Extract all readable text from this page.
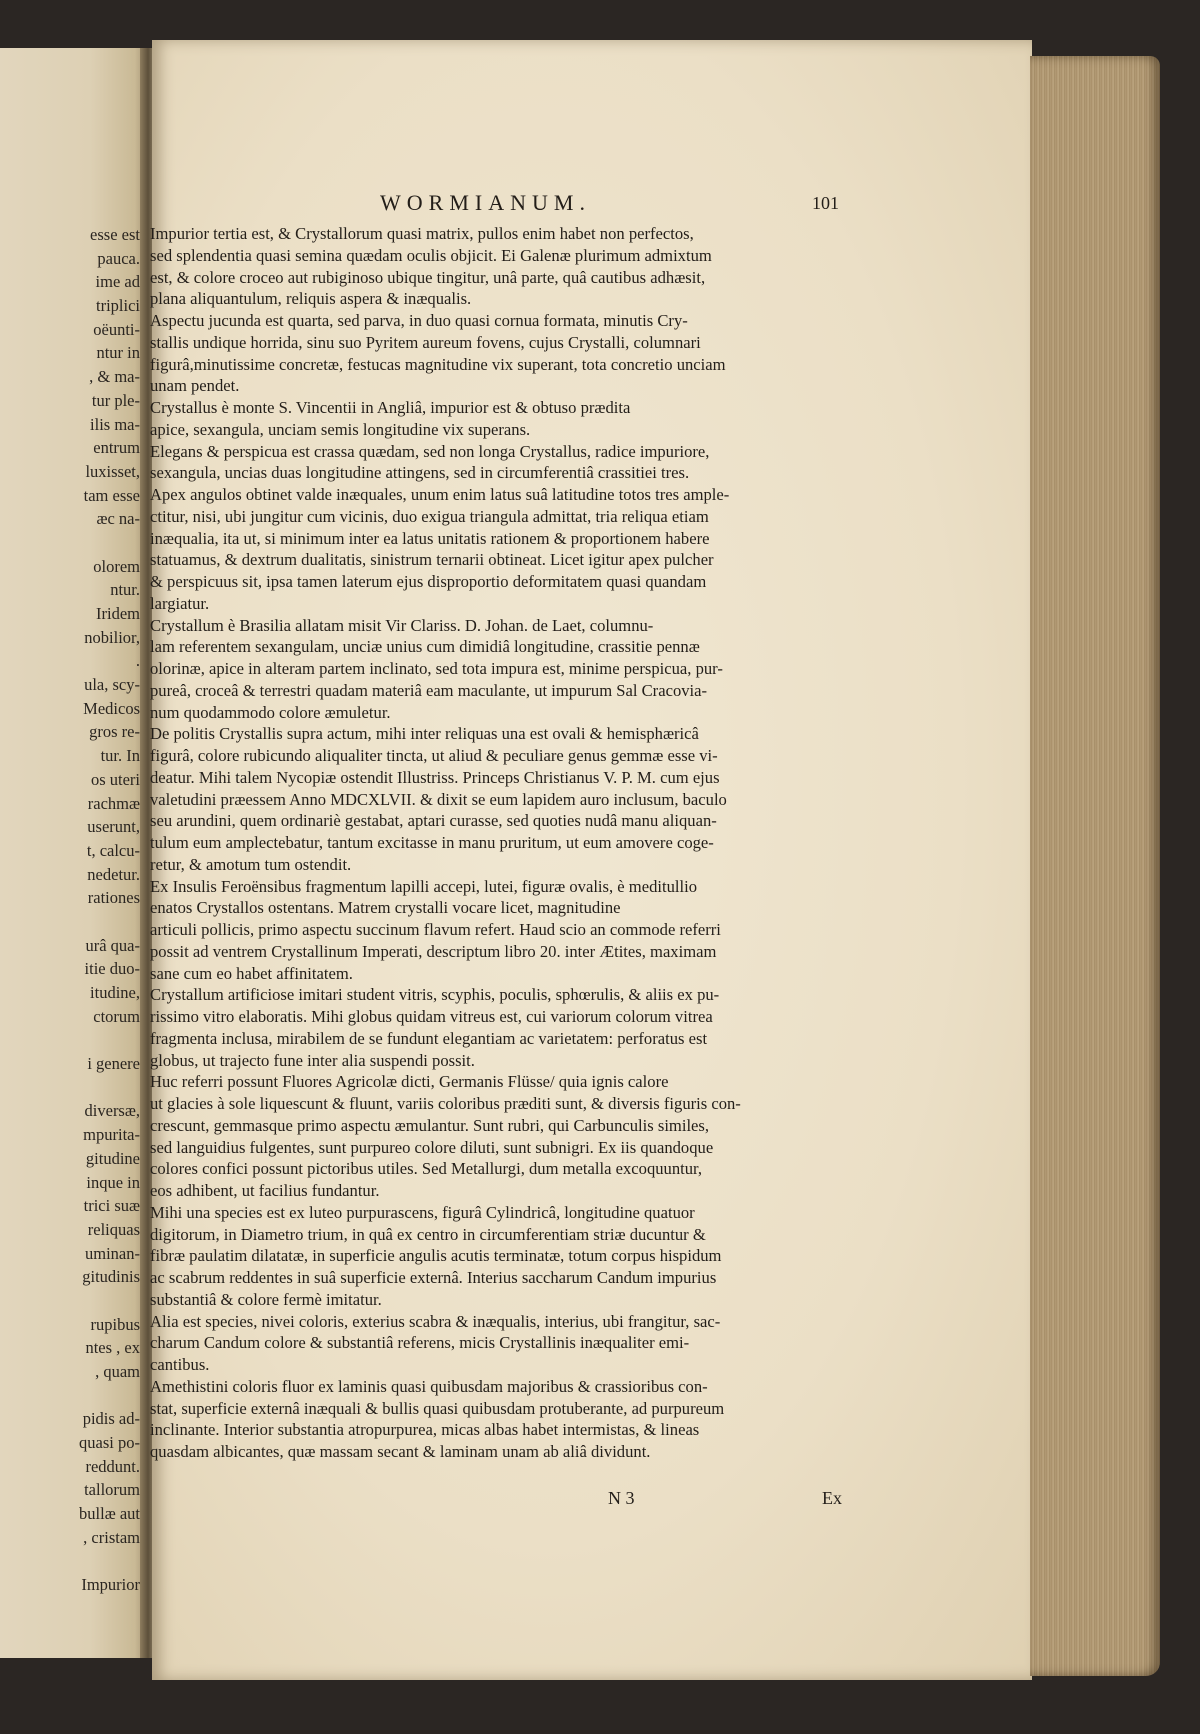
esse est
pauca.
ime ad
triplici
oëunti-
ntur in
, & ma-
tur ple-
ilis ma-
entrum
luxisset,
tam esse
æc na-
olorem
ntur.
Iridem
nobilior,
.
ula, scy-
Medicos
gros re-
tur. In
os uteri
rachmæ
userunt,
t, calcu-
nedetur.
rationes
urâ qua-
itie duo-
itudine,
ctorum
i genere
diversæ,
mpurita-
gitudine
inque in
trici suæ
reliquas
uminan-
gitudinis
rupibus
ntes , ex
, quam
pidis ad-
quasi po-
reddunt.
tallorum
bullæ aut
, cristam
Impurior
WORMIANUM.	101
Impurior tertia est, & Crystallorum quasi matrix, pullos enim habet non perfectos,
sed splendentia quasi semina quædam oculis objicit. Ei Galenæ plurimum admixtum
est, & colore croceo aut rubiginoso ubique tingitur, unâ parte, quâ cautibus adhæsit,
plana aliquantulum, reliquis aspera & inæqualis.
Aspectu jucunda est quarta, sed parva, in duo quasi cornua formata, minutis Cry-
stallis undique horrida, sinu suo Pyritem aureum fovens, cujus Crystalli, columnari
figurâ,minutissime concretæ, festucas magnitudine vix superant, tota concretio unciam
unam pendet.
Crystallus è monte S. Vincentii in Angliâ, impurior est & obtuso prædita
apice, sexangula, unciam semis longitudine vix superans.
Elegans & perspicua est crassa quædam, sed non longa Crystallus, radice impuriore,
sexangula, uncias duas longitudine attingens, sed in circumferentiâ crassitiei tres.
Apex angulos obtinet valde inæquales, unum enim latus suâ latitudine totos tres ample-
ctitur, nisi, ubi jungitur cum vicinis, duo exigua triangula admittat, tria reliqua etiam
inæqualia, ita ut, si minimum inter ea latus unitatis rationem & proportionem habere
statuamus, & dextrum dualitatis, sinistrum ternarii obtineat. Licet igitur apex pulcher
& perspicuus sit, ipsa tamen laterum ejus disproportio deformitatem quasi quandam
largiatur.
Crystallum è Brasilia allatam misit Vir Clariss. D. Johan. de Laet, columnu-
lam referentem sexangulam, unciæ unius cum dimidiâ longitudine, crassitie pennæ
olorinæ, apice in alteram partem inclinato, sed tota impura est, minime perspicua, pur-
pureâ, croceâ & terrestri quadam materiâ eam maculante, ut impurum Sal Cracovia-
num quodammodo colore æmuletur.
De politis Crystallis supra actum, mihi inter reliquas una est ovali & hemisphæricâ
figurâ, colore rubicundo aliqualiter tincta, ut aliud & peculiare genus gemmæ esse vi-
deatur. Mihi talem Nycopiæ ostendit Illustriss. Princeps Christianus V. P. M. cum ejus
valetudini præessem Anno MDCXLVII. & dixit se eum lapidem auro inclusum, baculo
seu arundini, quem ordinariè gestabat, aptari curasse, sed quoties nudâ manu aliquan-
tulum eum amplectebatur, tantum excitasse in manu pruritum, ut eum amovere coge-
retur, & amotum tum ostendit.
Ex Insulis Feroënsibus fragmentum lapilli accepi, lutei, figuræ ovalis, è meditullio
enatos Crystallos ostentans. Matrem crystalli vocare licet, magnitudine
articuli pollicis, primo aspectu succinum flavum refert. Haud scio an commode referri
possit ad ventrem Crystallinum Imperati, descriptum libro 20. inter Ætites, maximam
sane cum eo habet affinitatem.
Crystallum artificiose imitari student vitris, scyphis, poculis, sphœrulis, & aliis ex pu-
rissimo vitro elaboratis. Mihi globus quidam vitreus est, cui variorum colorum vitrea
fragmenta inclusa, mirabilem de se fundunt elegantiam ac varietatem: perforatus est
globus, ut trajecto fune inter alia suspendi possit.
Huc referri possunt Fluores Agricolæ dicti, Germanis Flüsse/ quia ignis calore
ut glacies à sole liquescunt & fluunt, variis coloribus præditi sunt, & diversis figuris con-
crescunt, gemmasque primo aspectu æmulantur. Sunt rubri, qui Carbunculis similes,
sed languidius fulgentes, sunt purpureo colore diluti, sunt subnigri. Ex iis quandoque
colores confici possunt pictoribus utiles. Sed Metallurgi, dum metalla excoquuntur,
eos adhibent, ut facilius fundantur.
Mihi una species est ex luteo purpurascens, figurâ Cylindricâ, longitudine quatuor
digitorum, in Diametro trium, in quâ ex centro in circumferentiam striæ ducuntur &
fibræ paulatim dilatatæ, in superficie angulis acutis terminatæ, totum corpus hispidum
ac scabrum reddentes in suâ superficie externâ. Interius saccharum Candum impurius
substantiâ & colore fermè imitatur.
Alia est species, nivei coloris, exterius scabra & inæqualis, interius, ubi frangitur, sac-
charum Candum colore & substantiâ referens, micis Crystallinis inæqualiter emi-
cantibus.
Amethistini coloris fluor ex laminis quasi quibusdam majoribus & crassioribus con-
stat, superficie externâ inæquali & bullis quasi quibusdam protuberante, ad purpureum
inclinante. Interior substantia atropurpurea, micas albas habet intermistas, & lineas
quasdam albicantes, quæ massam secant & laminam unam ab aliâ dividunt.
N 3	Ex
